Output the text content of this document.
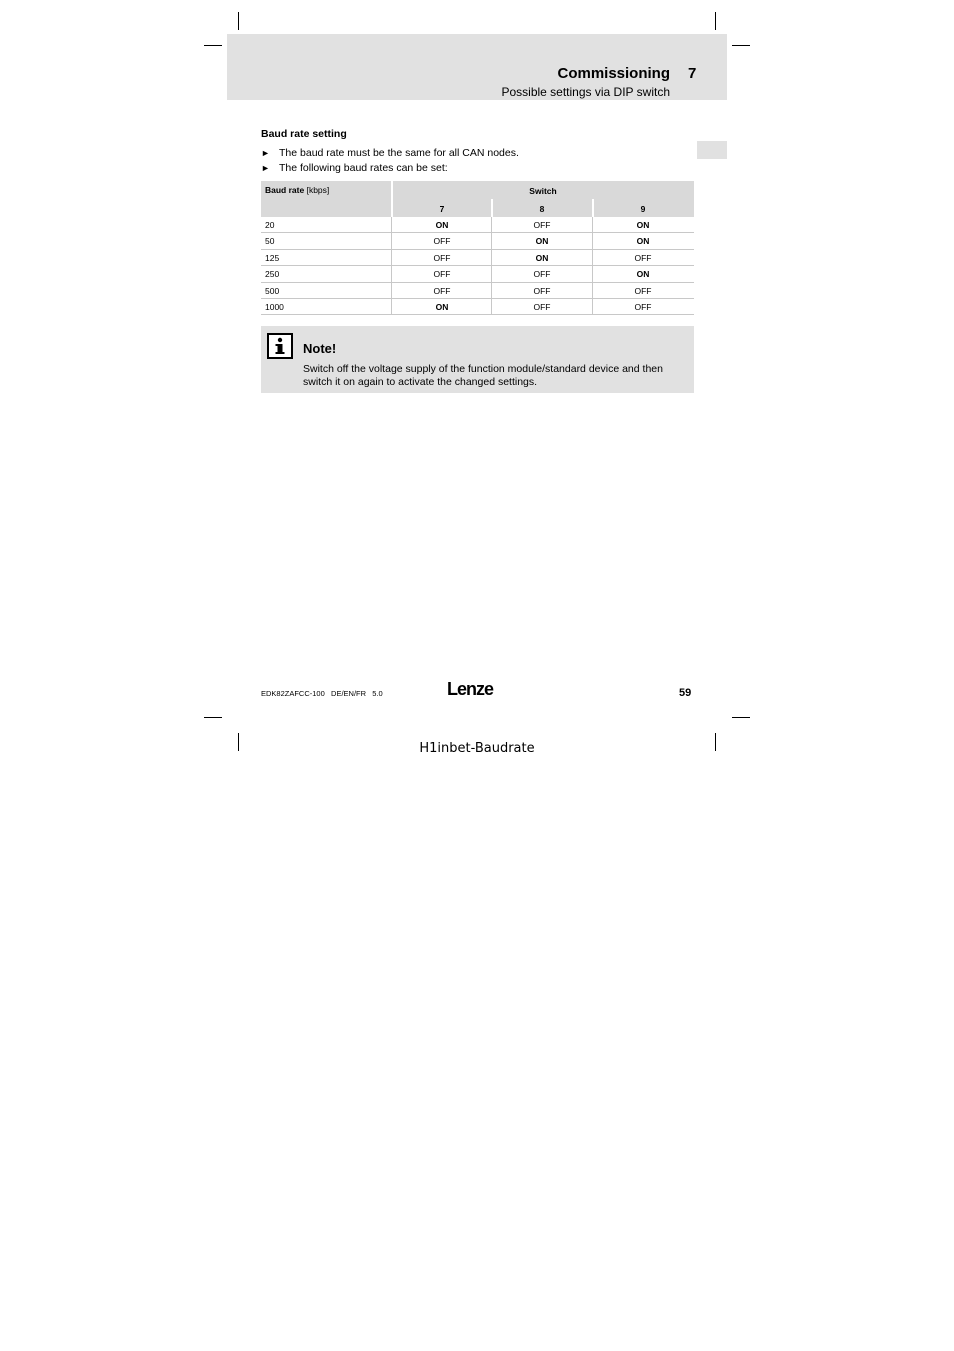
Commissioning 7
Possible settings via DIP switch
Baud rate setting
► The baud rate must be the same for all CAN nodes.
► The following baud rates can be set:
Baud rate [kbps]	Switch
7	8	9
20	ON	OFF	ON
50	OFF	ON	ON
125	OFF	ON	OFF
250	OFF	OFF	ON
500	OFF	OFF	OFF
1000	ON	OFF	OFF
Note!
Switch off the voltage supply of the function module/standard device and then switch it on again to activate the changed settings.
EDK82ZAFCC-100   DE/EN/FR   5.0	Lenze	59
H1inbet-Baudrate
